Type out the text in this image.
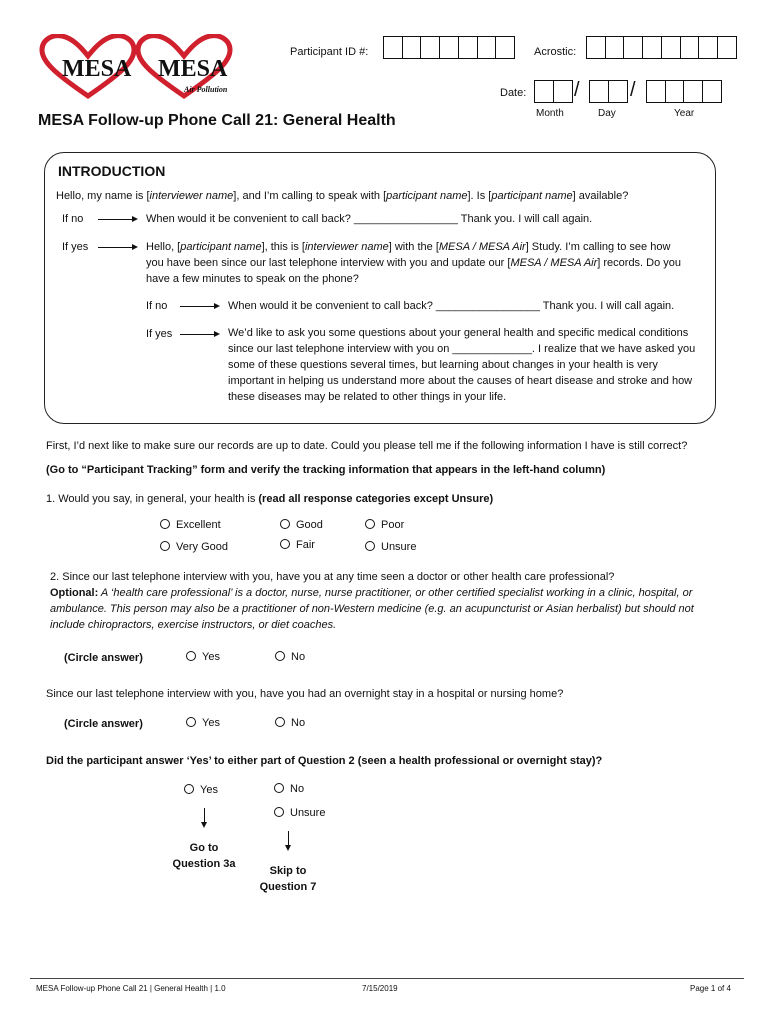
MESA MESA
Air Pollution
Participant ID #:	Acrostic:
Date: /	/
Month	Day	Year
MESA Follow-up Phone Call 21: General Health
INTRODUCTION
Hello, my name is [interviewer name], and I’m calling to speak with [participant name]. Is [participant name] available?
If no	When would it be convenient to call back? _________________ Thank you. I will call again.
If yes	Hello, [participant name], this is [interviewer name] with the [MESA / MESA Air] Study. I’m calling to see how you have been since our last telephone interview with you and update our [MESA / MESA Air] records. Do you have a few minutes to speak on the phone?
If no	When would it be convenient to call back? _________________ Thank you. I will call again.
If yes	We’d like to ask you some questions about your general health and specific medical conditions since our last telephone interview with you on _____________. I realize that we have asked you some of these questions several times, but learning about changes in your health is very important in helping us understand more about the causes of heart disease and stroke and how these diseases may be related to other things in your life.
First, I’d next like to make sure our records are up to date. Could you please tell me if the following information I have is still correct?
(Go to “Participant Tracking” form and verify the tracking information that appears in the left-hand column)
1. Would you say, in general, your health is (read all response categories except Unsure)
Excellent
Very Good
Good
Fair
Poor
Unsure
2. Since our last telephone interview with you, have you at any time seen a doctor or other health care professional?
Optional: A ‘health care professional’ is a doctor, nurse, nurse practitioner, or other certified specialist working in a clinic, hospital, or ambulance. This person may also be a practitioner of non-Western medicine (e.g. an acupuncturist or Asian herbalist) but should not include chiropractors, exercise instructors, or diet coaches.
(Circle answer)	Yes	No
Since our last telephone interview with you, have you had an overnight stay in a hospital or nursing home?
(Circle answer)	Yes	No
Did the participant answer ‘Yes’ to either part of Question 2 (seen a health professional or overnight stay)?
Yes	No
Unsure
Go to
Question 3a
Skip to
Question 7
MESA Follow-up Phone Call 21 | General Health | 1.0	7/15/2019	Page 1 of 4
